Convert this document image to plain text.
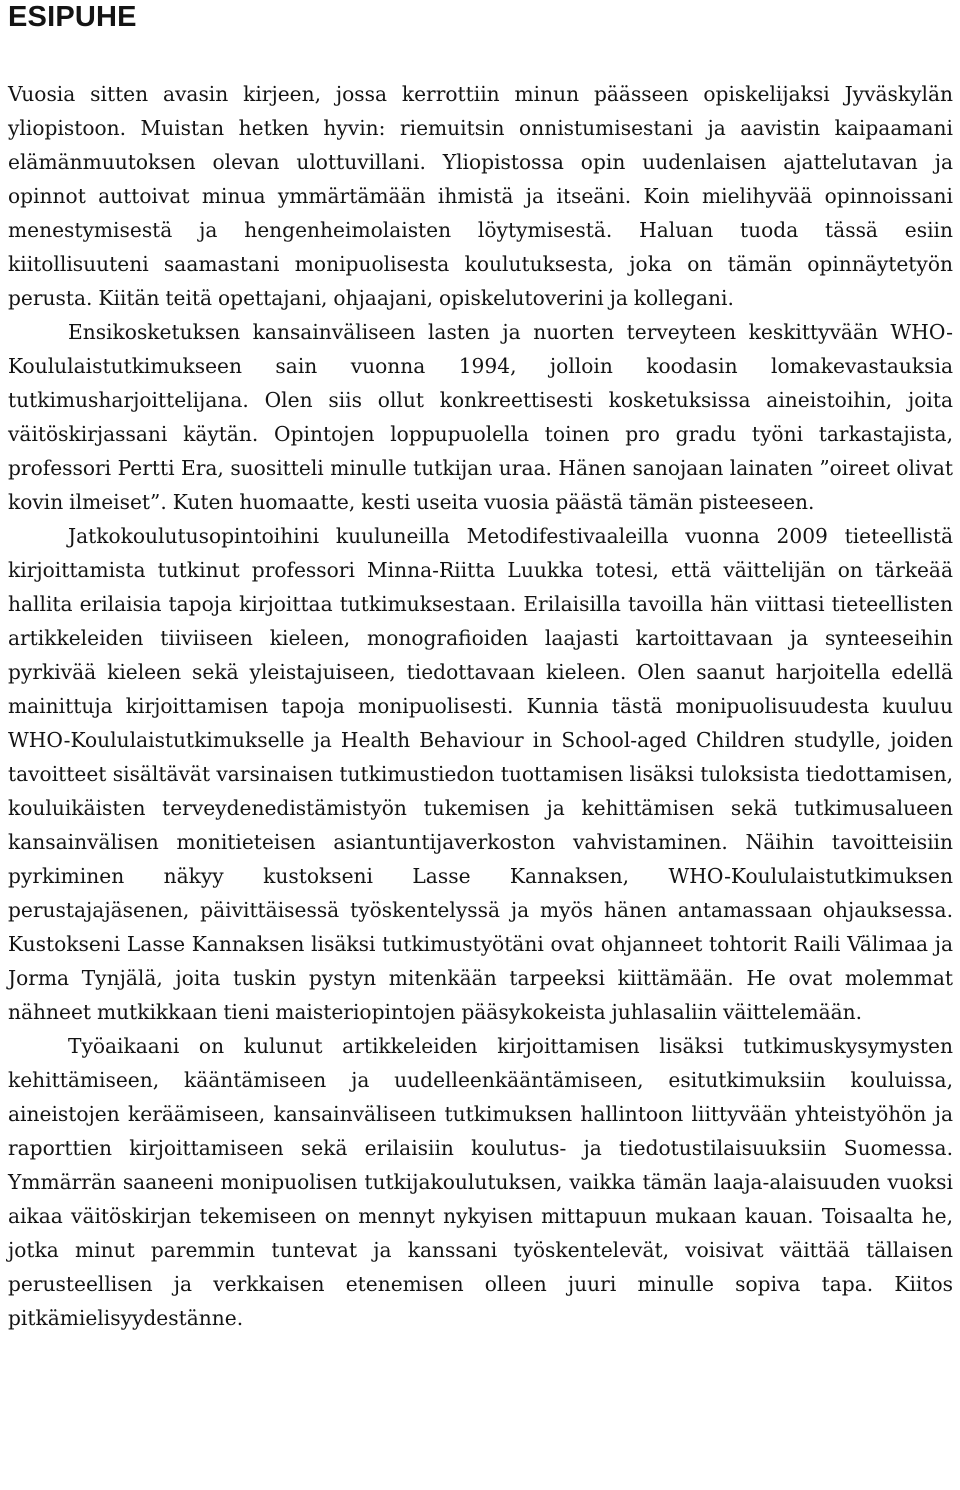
ESIPUHE

Vuosia sitten avasin kirjeen, jossa kerrottiin minun päässeen opiskelijaksi Jyväskylän yliopistoon. Muistan hetken hyvin: riemuitsin onnistumisestani ja aavistin kaipaamani elämänmuutoksen olevan ulottuvillani. Yliopistossa opin uudenlaisen ajattelutavan ja opinnot auttoivat minua ymmärtämään ihmistä ja itseäni. Koin mielihyvää opinnoissani menestymisestä ja hengenheimolaisten löytymisestä. Haluan tuoda tässä esiin kiitollisuuteni saamastani monipuolisesta koulutuksesta, joka on tämän opinnäytetyön perusta. Kiitän teitä opettajani, ohjaajani, opiskelutoverini ja kollegani.

Ensikosketuksen kansainväliseen lasten ja nuorten terveyteen keskittyvään WHO-Koululaistutkimukseen sain vuonna 1994, jolloin koodasin lomakevastauksia tutkimusharjoittelijana. Olen siis ollut konkreettisesti kosketuksissa aineistoihin, joita väitöskirjassani käytän. Opintojen loppupuolella toinen pro gradu työni tarkastajista, professori Pertti Era, suositteli minulle tutkijan uraa. Hänen sanojaan lainaten ”oireet olivat kovin ilmeiset”. Kuten huomaatte, kesti useita vuosia päästä tämän pisteeseen.

Jatkokoulutusopintoihini kuuluneilla Metodifestivaaleilla vuonna 2009 tieteellistä kirjoittamista tutkinut professori Minna-Riitta Luukka totesi, että väittelijän on tärkeää hallita erilaisia tapoja kirjoittaa tutkimuksestaan. Erilaisilla tavoilla hän viittasi tieteellisten artikkeleiden tiiviiseen kieleen, monografioiden laajasti kartoittavaan ja synteeseihin pyrkivää kieleen sekä yleistajuiseen, tiedottavaan kieleen. Olen saanut harjoitella edellä mainittuja kirjoittamisen tapoja monipuolisesti. Kunnia tästä monipuolisuudesta kuuluu WHO-Koululaistutkimukselle ja Health Behaviour in School-aged Children studylle, joiden tavoitteet sisältävät varsinaisen tutkimustiedon tuottamisen lisäksi tuloksista tiedottamisen, kouluikäisten terveydenedistämistyön tukemisen ja kehittämisen sekä tutkimusalueen kansainvälisen monitieteisen asiantuntijaverkoston vahvistaminen. Näihin tavoitteisiin pyrkiminen näkyy kustokseni Lasse Kannaksen, WHO-Koululaistutkimuksen perustajajäsenen, päivittäisessä työskentelyssä ja myös hänen antamassaan ohjauksessa. Kustokseni Lasse Kannaksen lisäksi tutkimustyötäni ovat ohjanneet tohtorit Raili Välimaa ja Jorma Tynjälä, joita tuskin pystyn mitenkään tarpeeksi kiittämään. He ovat molemmat nähneet mutkikkaan tieni maisteriopintojen pääsykokeista juhlasaliin väittelemään.

Työaikaani on kulunut artikkeleiden kirjoittamisen lisäksi tutkimuskysymysten kehittämiseen, kääntämiseen ja uudelleenkääntämiseen, esitutkimuksiin kouluissa, aineistojen keräämiseen, kansainväliseen tutkimuksen hallintoon liittyvään yhteistyöhön ja raporttien kirjoittamiseen sekä erilaisiin koulutus- ja tiedotustilaisuuksiin Suomessa. Ymmärrän saaneeni monipuolisen tutkijakoulutuksen, vaikka tämän laaja-alaisuuden vuoksi aikaa väitöskirjan tekemiseen on mennyt nykyisen mittapuun mukaan kauan. Toisaalta he, jotka minut paremmin tuntevat ja kanssani työskentelevät, voisivat väittää tällaisen perusteellisen ja verkkaisen etenemisen olleen juuri minulle sopiva tapa. Kiitos pitkämielisyydestänne.
